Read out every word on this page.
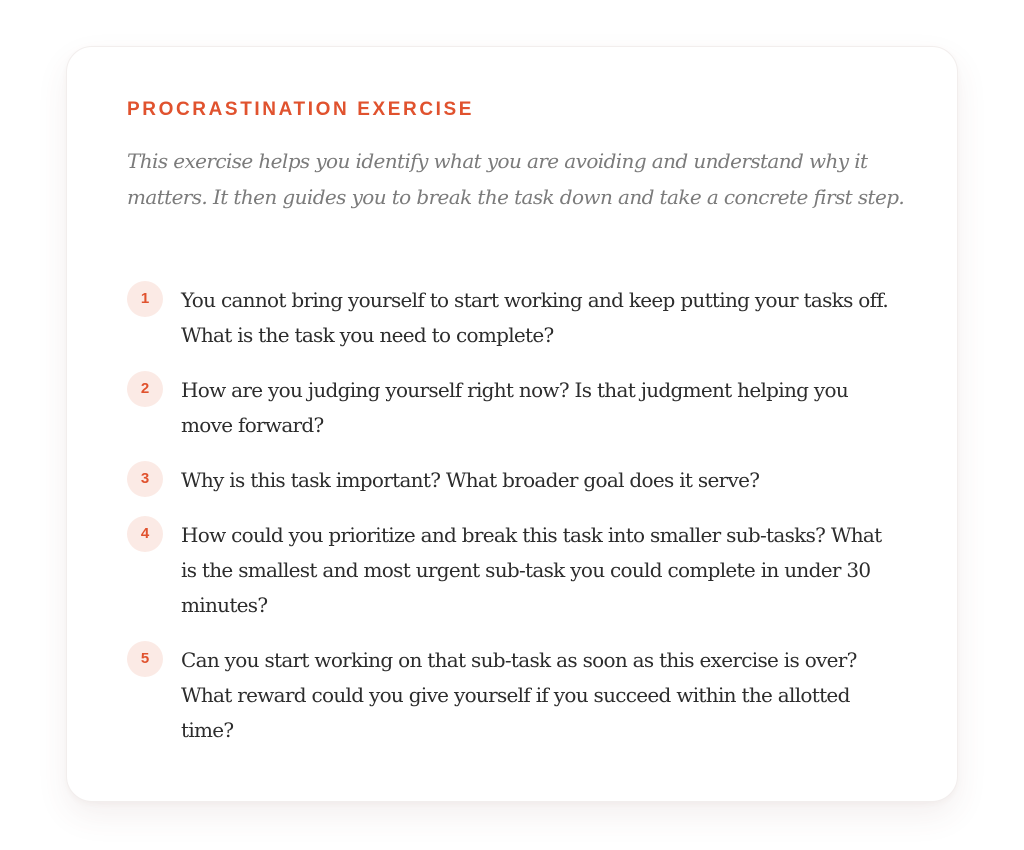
PROCRASTINATION EXERCISE

This exercise helps you identify what you are avoiding and understand why it matters. It then guides you to break the task down and take a concrete first step.

1	You cannot bring yourself to start working and keep putting your tasks off. What is the task you need to complete?

2	How are you judging yourself right now? Is that judgment helping you move forward?

3	Why is this task important? What broader goal does it serve?

4	How could you prioritize and break this task into smaller sub-tasks? What is the smallest and most urgent sub-task you could complete in under 30 minutes?

5	Can you start working on that sub-task as soon as this exercise is over? What reward could you give yourself if you succeed within the allotted time?
